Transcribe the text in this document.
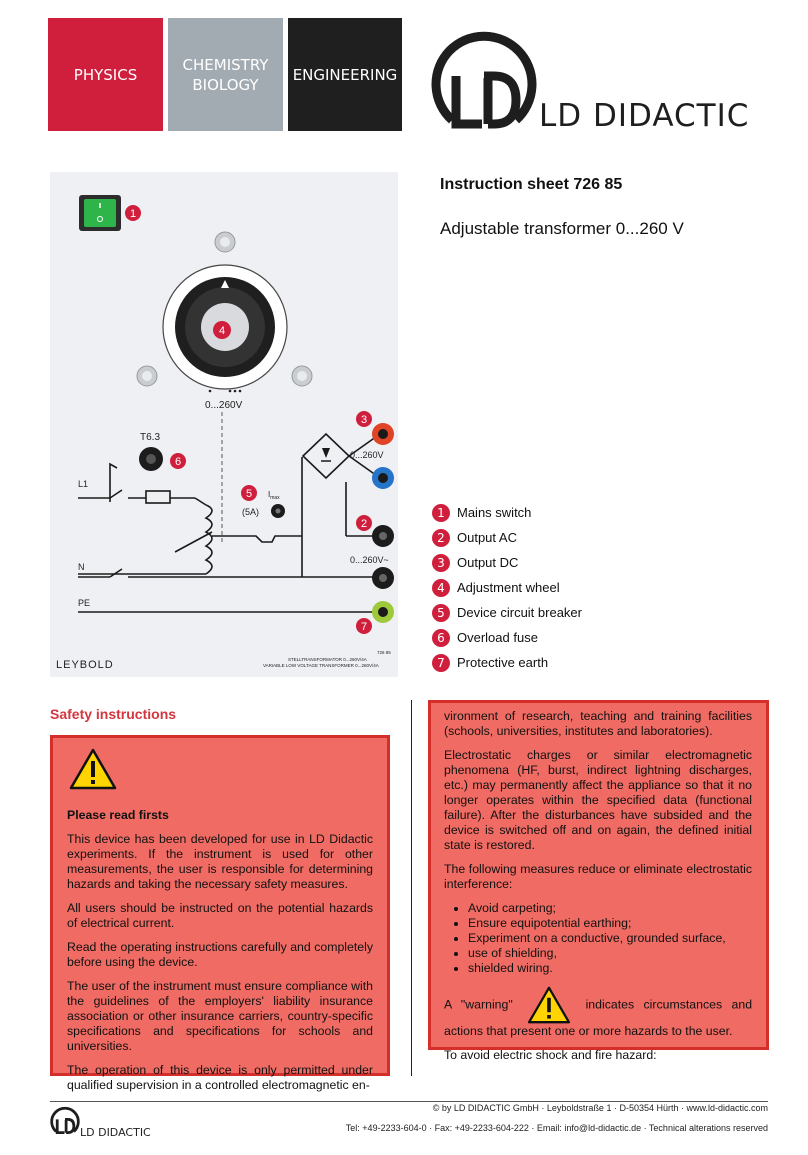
PHYSICS
CHEMISTRY
BIOLOGY
ENGINEERING
LD DIDACTIC
Instruction sheet 726 85
Adjustable transformer 0...260 V
0...260V
T6.3
$I_{max}$
(5A)
L1
N
PE
0...260V
0...260V~
1
4
3
6
5
2
7
LEYBOLD
726 85
STELLTRANSFORMATOR 0...260V/4A
VARIABLE LOW VOLTAGE TRANSFORMER 0...260V/4A
1 Mains switch
2 Output AC
3 Output DC
4 Adjustment wheel
5 Device circuit breaker
6 Overload fuse
7 Protective earth
Safety instructions

Please read firsts

This device has been developed for use in LD Didactic experiments. If the instrument is used for other measurements, the user is responsible for determining hazards and taking the necessary safety measures.

All users should be instructed on the potential hazards of electrical current.

Read the operating instructions carefully and completely before using the device.

The user of the instrument must ensure compliance with the guidelines of the employers' liability insurance association or other insurance carriers, country-specific specifications and specifications for schools and universities.

The operation of this device is only permitted under qualified supervision in a controlled electromagnetic en-

vironment of research, teaching and training facilities (schools, universities, institutes and laboratories).

Electrostatic charges or similar electromagnetic phenomena (HF, burst, indirect lightning discharges, etc.) may permanently affect the appliance so that it no longer operates within the specified data (functional failure). After the disturbances have subsided and the device is switched off and on again, the defined initial state is restored.

The following measures reduce or eliminate electrostatic interference:

• Avoid carpeting;
• Ensure equipotential earthing;
• Experiment on a conductive, grounded surface,
• use of shielding,
• shielded wiring.

A "warning"	indicates circumstances and actions that present one or more hazards to the user.

To avoid electric shock and fire hazard:

LD DIDACTIC
© by LD DIDACTIC GmbH · Leyboldstraße 1 · D-50354 Hürth · www.ld-didactic.com
Tel: +49-2233-604-0 · Fax: +49-2233-604-222 · Email: info@ld-didactic.de · Technical alterations reserved
